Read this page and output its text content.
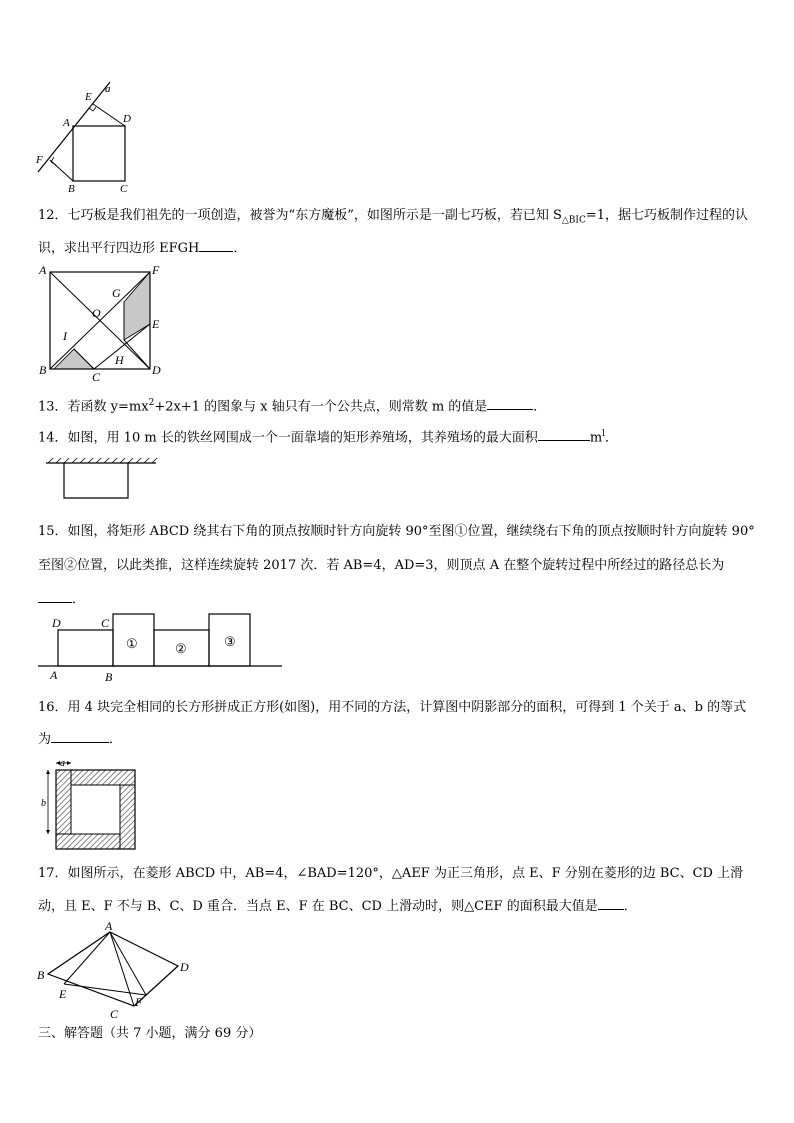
a
E
A	D
F
B	C
12．七巧板是我们祖先的一项创造，被誉为“东方魔板”，如图所示是一副七巧板，若已知 $S_{\triangle BIC}=1$，据七巧板制作过程的认识，求出平行四边形 EFGH	．
A	F
G
O
E
I
H
B	C	D
13．若函数 $y=mx^2+2x+1$ 的图象与 x 轴只有一个公共点，则常数 m 的值是	．
14．如图，用 10 m 长的铁丝网围成一个一面靠墙的矩形养殖场，其养殖场的最大面积	$m^l$．
15．如图，将矩形 ABCD 绕其右下角的顶点按顺时针方向旋转 90°至图①位置，继续绕右下角的顶点按顺时针方向旋转 90°至图②位置，以此类推，这样连续旋转 2017 次．若 AB=4，AD=3，则顶点 A 在整个旋转过程中所经过的路径总长为．
D	C
A	B
①	②	③
16．用 4 块完全相同的长方形拼成正方形(如图)，用不同的方法，计算图中阴影部分的面积，可得到 1 个关于 a、b 的等式为	．
a
b
17．如图所示，在菱形 ABCD 中，AB=4，∠BAD=120°，△AEF 为正三角形，点 E、F 分别在菱形的边 BC、CD 上滑动，且 E、F 不与 B、C、D 重合．当点 E、F 在 BC、CD 上滑动时，则△CEF 的面积最大值是 ．
A
B
D
E
F
C
三、解答题（共 7 小题，满分 69 分）
